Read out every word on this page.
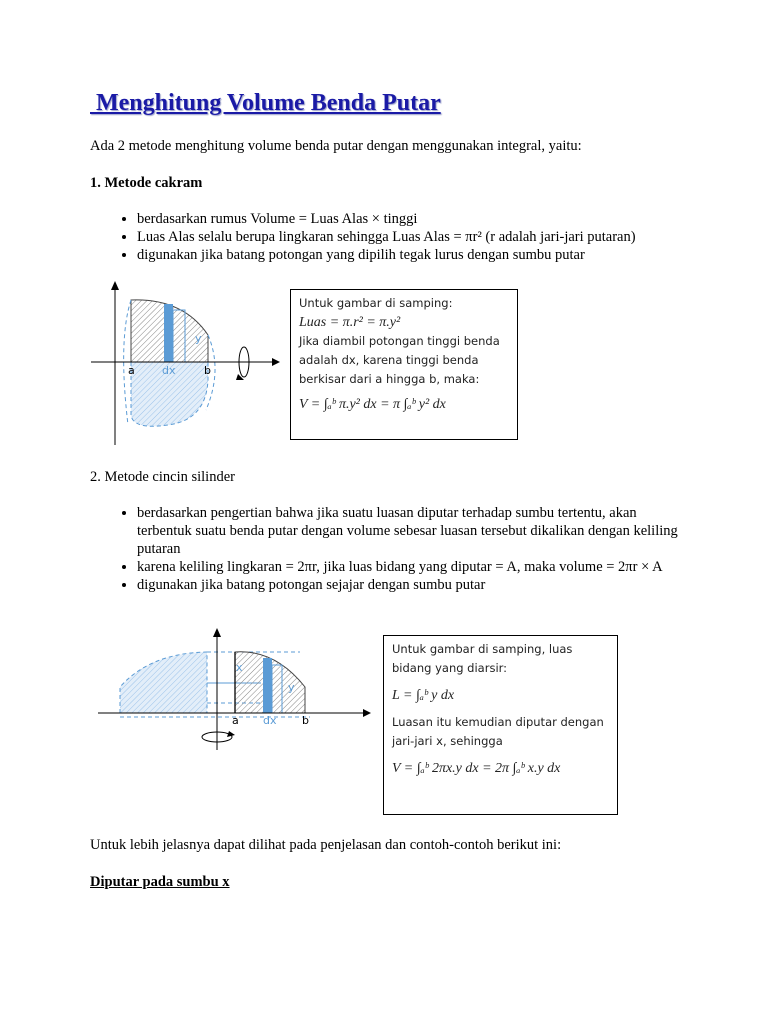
Menghitung Volume Benda Putar
Ada 2 metode menghitung volume benda putar dengan menggunakan integral, yaitu:
1. Metode cakram
• berdasarkan rumus Volume = Luas Alas × tinggi
• Luas Alas selalu berupa lingkaran sehingga Luas Alas = πr² (r adalah jari-jari putaran)
• digunakan jika batang potongan yang dipilih tegak lurus dengan sumbu putar
a dx	b
y
Untuk gambar di samping:
Luas = π.r² = π.y²
Jika diambil potongan tinggi benda
adalah dx, karena tinggi benda
berkisar dari a hingga b, maka:
V = ∫ₐᵇ π.y² dx = π ∫ₐᵇ y² dx
2. Metode cincin silinder
• berdasarkan pengertian bahwa jika suatu luasan diputar terhadap sumbu tertentu, akan terbentuk suatu benda putar dengan volume sebesar luasan tersebut dikalikan dengan keliling putaran
• karena keliling lingkaran = 2πr, jika luas bidang yang diputar = A, maka volume = 2πr × A
• digunakan jika batang potongan sejajar dengan sumbu putar
a dx b
x
y
Untuk gambar di samping, luas
bidang yang diarsir:
L = ∫ₐᵇ y dx
Luasan itu kemudian diputar dengan
jari-jari x, sehingga
V = ∫ₐᵇ 2πx.y dx = 2π ∫ₐᵇ x.y dx
Untuk lebih jelasnya dapat dilihat pada penjelasan dan contoh-contoh berikut ini:
Diputar pada sumbu x
